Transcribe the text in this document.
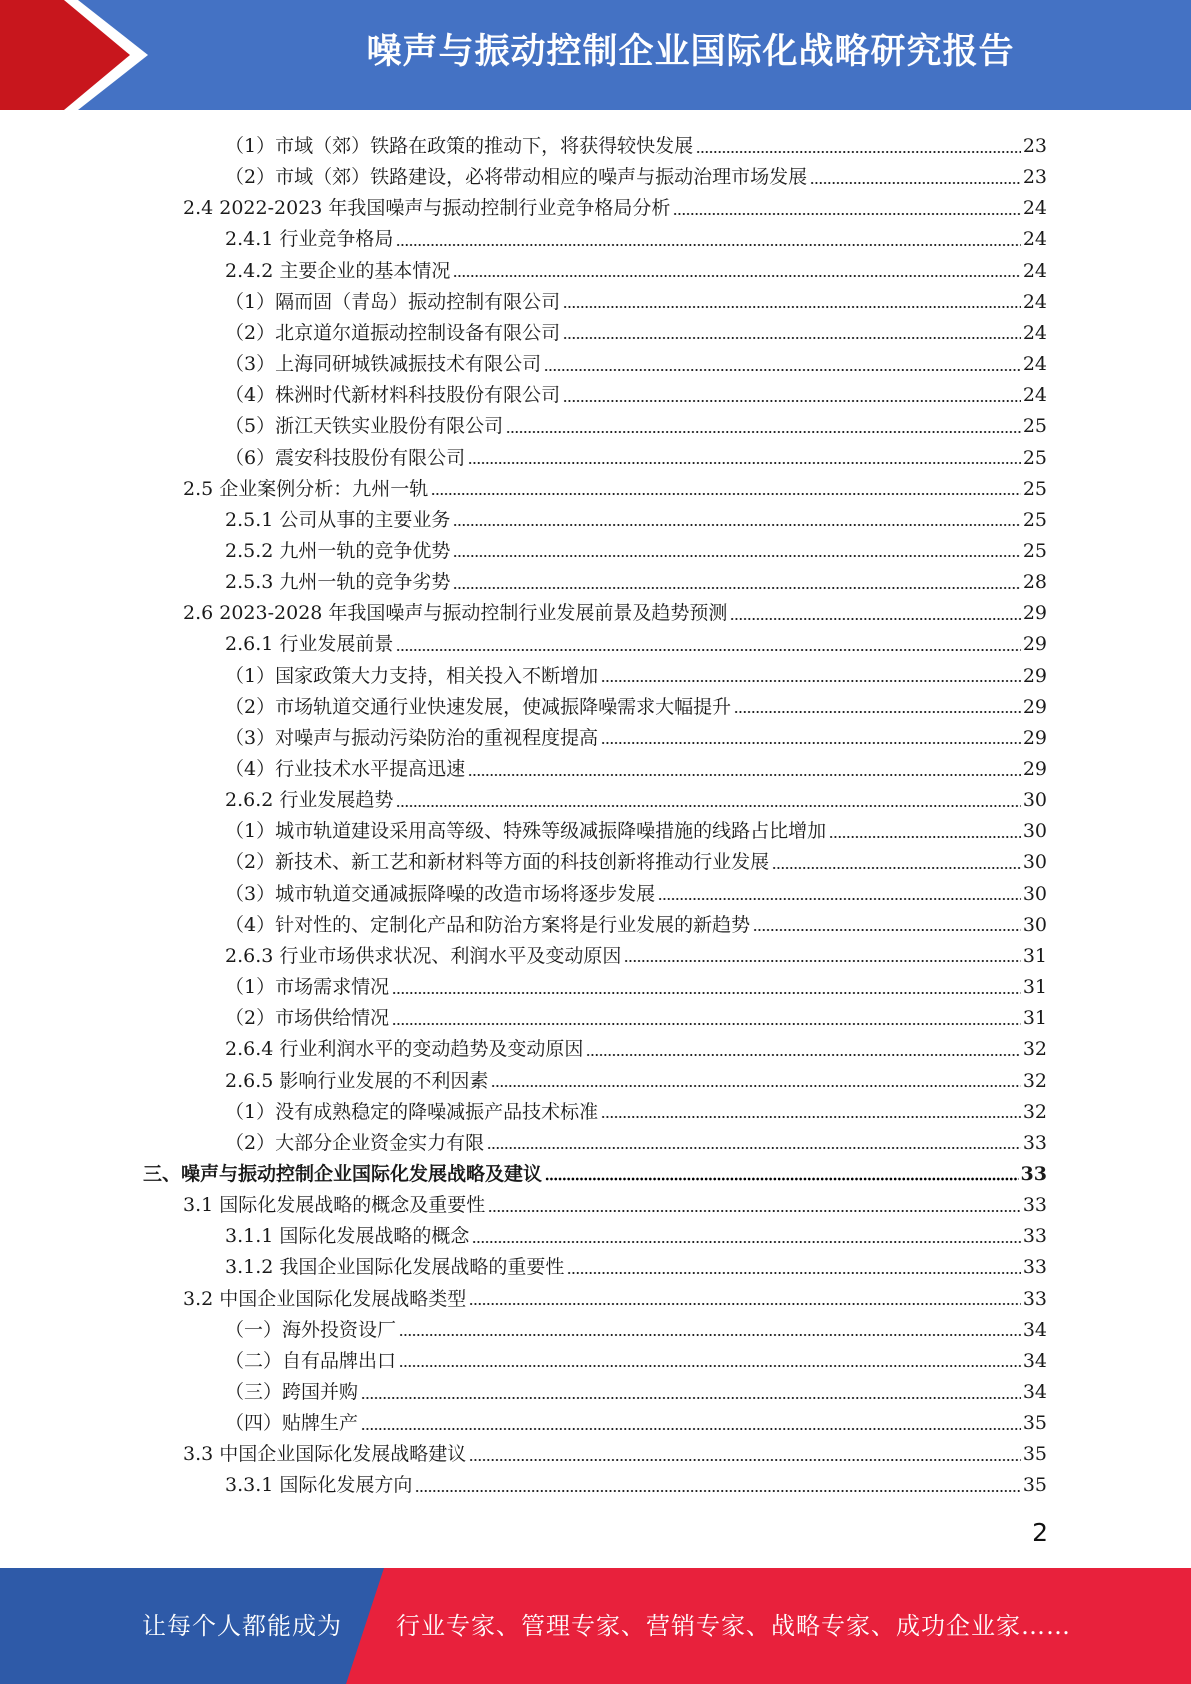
噪声与振动控制企业国际化战略研究报告
（1）市域（郊）铁路在政策的推动下，将获得较快发展	23
（2）市域（郊）铁路建设，必将带动相应的噪声与振动治理市场发展	23
2.4 2022-2023 年我国噪声与振动控制行业竞争格局分析	24
2.4.1 行业竞争格局	24
2.4.2 主要企业的基本情况	24
（1）隔而固（青岛）振动控制有限公司	24
（2）北京道尔道振动控制设备有限公司	24
（3）上海同研城铁减振技术有限公司	24
（4）株洲时代新材料科技股份有限公司	24
（5）浙江天铁实业股份有限公司	25
（6）震安科技股份有限公司	25
2.5 企业案例分析：九州一轨	25
2.5.1 公司从事的主要业务	25
2.5.2 九州一轨的竞争优势	25
2.5.3 九州一轨的竞争劣势	28
2.6 2023-2028 年我国噪声与振动控制行业发展前景及趋势预测	29
2.6.1 行业发展前景	29
（1）国家政策大力支持，相关投入不断增加	29
（2）市场轨道交通行业快速发展，使减振降噪需求大幅提升	29
（3）对噪声与振动污染防治的重视程度提高	29
（4）行业技术水平提高迅速	29
2.6.2 行业发展趋势	30
（1）城市轨道建设采用高等级、特殊等级减振降噪措施的线路占比增加	30
（2）新技术、新工艺和新材料等方面的科技创新将推动行业发展	30
（3）城市轨道交通减振降噪的改造市场将逐步发展	30
（4）针对性的、定制化产品和防治方案将是行业发展的新趋势	30
2.6.3 行业市场供求状况、利润水平及变动原因	31
（1）市场需求情况	31
（2）市场供给情况	31
2.6.4 行业利润水平的变动趋势及变动原因	32
2.6.5 影响行业发展的不利因素	32
（1）没有成熟稳定的降噪减振产品技术标准	32
（2）大部分企业资金实力有限	33
三、噪声与振动控制企业国际化发展战略及建议	33
3.1 国际化发展战略的概念及重要性	33
3.1.1 国际化发展战略的概念	33
3.1.2 我国企业国际化发展战略的重要性	33
3.2 中国企业国际化发展战略类型	33
（一）海外投资设厂	34
（二）自有品牌出口	34
（三）跨国并购	34
（四）贴牌生产	35
3.3 中国企业国际化发展战略建议	35
3.3.1 国际化发展方向	35
2
让每个人都能成为 行业专家、管理专家、营销专家、战略专家、成功企业家……
